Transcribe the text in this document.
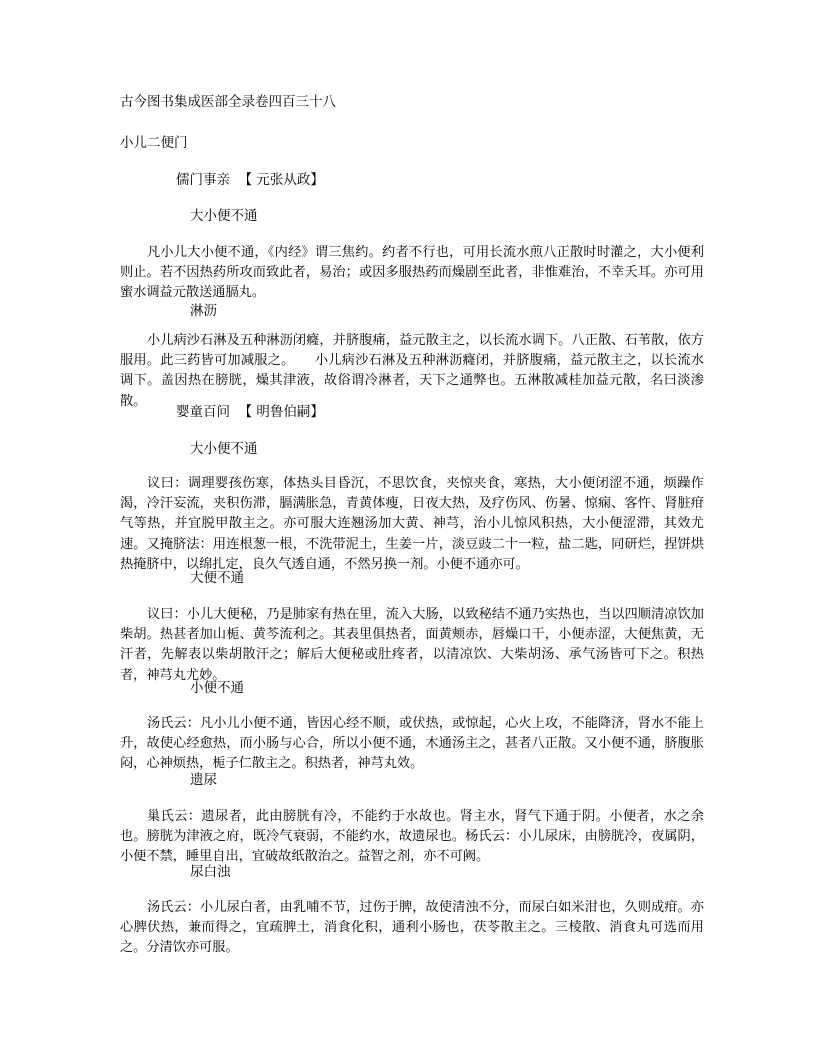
古今图书集成医部全录卷四百三十八
小儿二便门
儒门事亲 【 元张从政】
大小便不通

凡小儿大小便不通，《内经》谓三焦约。约者不行也，可用长流水煎八正散时时灌之，大小便利则止。若不因热药所攻而致此者，易治；或因多服热药而燥剧至此者，非惟难治，不幸夭耳。亦可用蜜水调益元散送通膈丸。

淋沥

小儿病沙石淋及五种淋沥闭癃，并脐腹痛，益元散主之，以长流水调下。八正散、石苇散，依方服用。此三药皆可加减服之。　　小儿病沙石淋及五种淋沥癃闭，并脐腹痛，益元散主之，以长流水调下。盖因热在膀胱，燥其津液，故俗谓冷淋者，天下之通弊也。五淋散减桂加益元散，名曰淡渗散。

婴童百问 【 明鲁伯嗣】
大小便不通

议曰：调理婴孩伤寒，体热头目昏沉，不思饮食，夹惊夹食，寒热，大小便闭涩不通，烦躁作渴，冷汗妄流，夹积伤滞，膈满胀急，青黄体瘦，日夜大热，及疗伤风、伤暑、惊痫、客忤、肾脏疳气等热，并宜脱甲散主之。亦可服大连翘汤加大黄、神芎，治小儿惊风积热，大小便涩滞，其效尤速。又掩脐法：用连根葱一根，不洗带泥土，生姜一片，淡豆豉二十一粒，盐二匙，同研烂，捏饼烘热掩脐中，以绵扎定，良久气透自通，不然另换一剂。小便不通亦可。

大便不通

议曰：小儿大便秘，乃是肺家有热在里，流入大肠，以致秘结不通乃实热也，当以四顺清凉饮加柴胡。热甚者加山栀、黄芩流利之。其表里俱热者，面黄颊赤，唇燥口干，小便赤涩，大便焦黄，无汗者，先解表以柴胡散汗之；解后大便秘或肚疼者，以清凉饮、大柴胡汤、承气汤皆可下之。积热者，神芎丸尤妙。

小便不通

汤氏云：凡小儿小便不通，皆因心经不顺，或伏热，或惊起，心火上攻，不能降济，肾水不能上升，故使心经愈热，而小肠与心合，所以小便不通，木通汤主之，甚者八正散。又小便不通，脐腹胀闷，心神烦热，栀子仁散主之。积热者，神芎丸效。

遗尿

巢氏云：遗尿者，此由膀胱有冷，不能约于水故也。肾主水，肾气下通于阴。小便者，水之余也。膀胱为津液之府，既冷气衰弱，不能约水，故遗尿也。杨氏云：小儿尿床，由膀胱冷，夜属阴，小便不禁，睡里自出，宜破故纸散治之。益智之剂，亦不可阙。

尿白浊

汤氏云：小儿尿白者，由乳哺不节，过伤于脾，故使清浊不分，而尿白如米泔也，久则成疳。亦心脾伏热，兼而得之，宜疏脾土，消食化积，通利小肠也，茯苓散主之。三棱散、消食丸可选而用之。分清饮亦可服。
